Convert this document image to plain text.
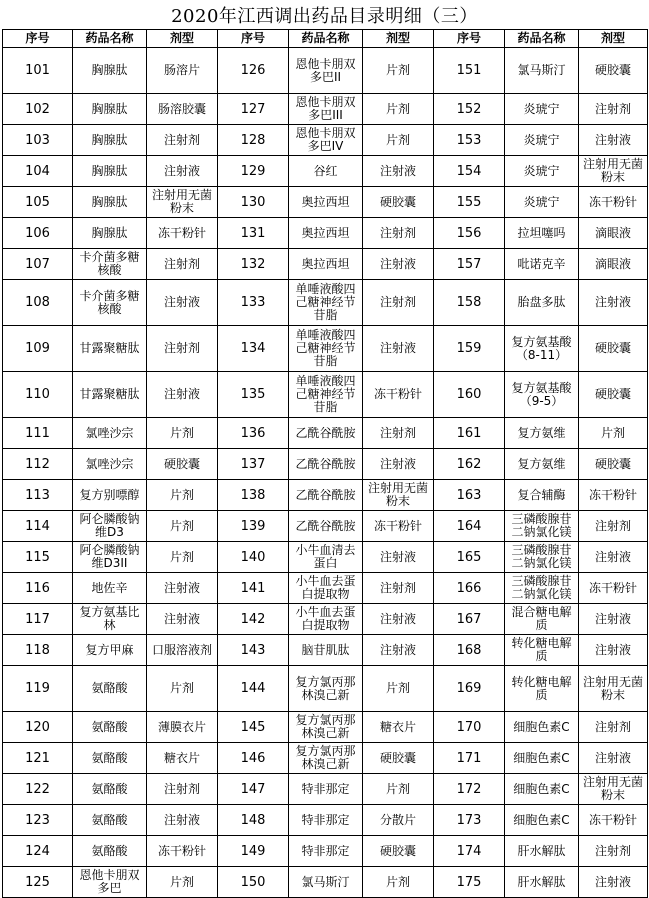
2020年江西调出药品目录明细（三）
序号	药品名称	剂型	序号	药品名称	剂型	序号	药品名称	剂型
101	胸腺肽	肠溶片	126	恩他卡朋双多巴II	片剂	151	氯马斯汀	硬胶囊
102	胸腺肽	肠溶胶囊	127	恩他卡朋双多巴III	片剂	152	炎琥宁	注射剂
103	胸腺肽	注射剂	128	恩他卡朋双多巴IV	片剂	153	炎琥宁	注射液
104	胸腺肽	注射液	129	谷红	注射液	154	炎琥宁	注射用无菌粉末
105	胸腺肽	注射用无菌粉末	130	奥拉西坦	硬胶囊	155	炎琥宁	冻干粉针
106	胸腺肽	冻干粉针	131	奥拉西坦	注射剂	156	拉坦噻吗	滴眼液
107	卡介菌多糖核酸	注射剂	132	奥拉西坦	注射液	157	吡诺克辛	滴眼液
108	卡介菌多糖核酸	注射液	133	单唾液酸四己糖神经节苷脂	注射剂	158	胎盘多肽	注射液
109	甘露聚糖肽	注射剂	134	单唾液酸四己糖神经节苷脂	注射液	159	复方氨基酸（8-11）	硬胶囊
110	甘露聚糖肽	注射液	135	单唾液酸四己糖神经节苷脂	冻干粉针	160	复方氨基酸（9-5）	硬胶囊
111	氯唑沙宗	片剂	136	乙酰谷酰胺	注射剂	161	复方氨维	片剂
112	氯唑沙宗	硬胶囊	137	乙酰谷酰胺	注射液	162	复方氨维	硬胶囊
113	复方别嘌醇	片剂	138	乙酰谷酰胺	注射用无菌粉末	163	复合辅酶	冻干粉针
114	阿仑膦酸钠维D3	片剂	139	乙酰谷酰胺	冻干粉针	164	三磷酸腺苷二钠氯化镁	注射剂
115	阿仑膦酸钠维D3II	片剂	140	小牛血清去蛋白	注射液	165	三磷酸腺苷二钠氯化镁	注射液
116	地佐辛	注射液	141	小牛血去蛋白提取物	注射剂	166	三磷酸腺苷二钠氯化镁	冻干粉针
117	复方氨基比林	注射液	142	小牛血去蛋白提取物	注射液	167	混合糖电解质	注射液
118	复方甲麻	口服溶液剂	143	脑苷肌肽	注射液	168	转化糖电解质	注射液
119	氨酪酸	片剂	144	复方氯丙那林溴己新	片剂	169	转化糖电解质	注射用无菌粉末
120	氨酪酸	薄膜衣片	145	复方氯丙那林溴己新	糖衣片	170	细胞色素C	注射剂
121	氨酪酸	糖衣片	146	复方氯丙那林溴己新	硬胶囊	171	细胞色素C	注射液
122	氨酪酸	注射剂	147	特非那定	片剂	172	细胞色素C	注射用无菌粉末
123	氨酪酸	注射液	148	特非那定	分散片	173	细胞色素C	冻干粉针
124	氨酪酸	冻干粉针	149	特非那定	硬胶囊	174	肝水解肽	注射剂
125	恩他卡朋双多巴	片剂	150	氯马斯汀	片剂	175	肝水解肽	注射液
